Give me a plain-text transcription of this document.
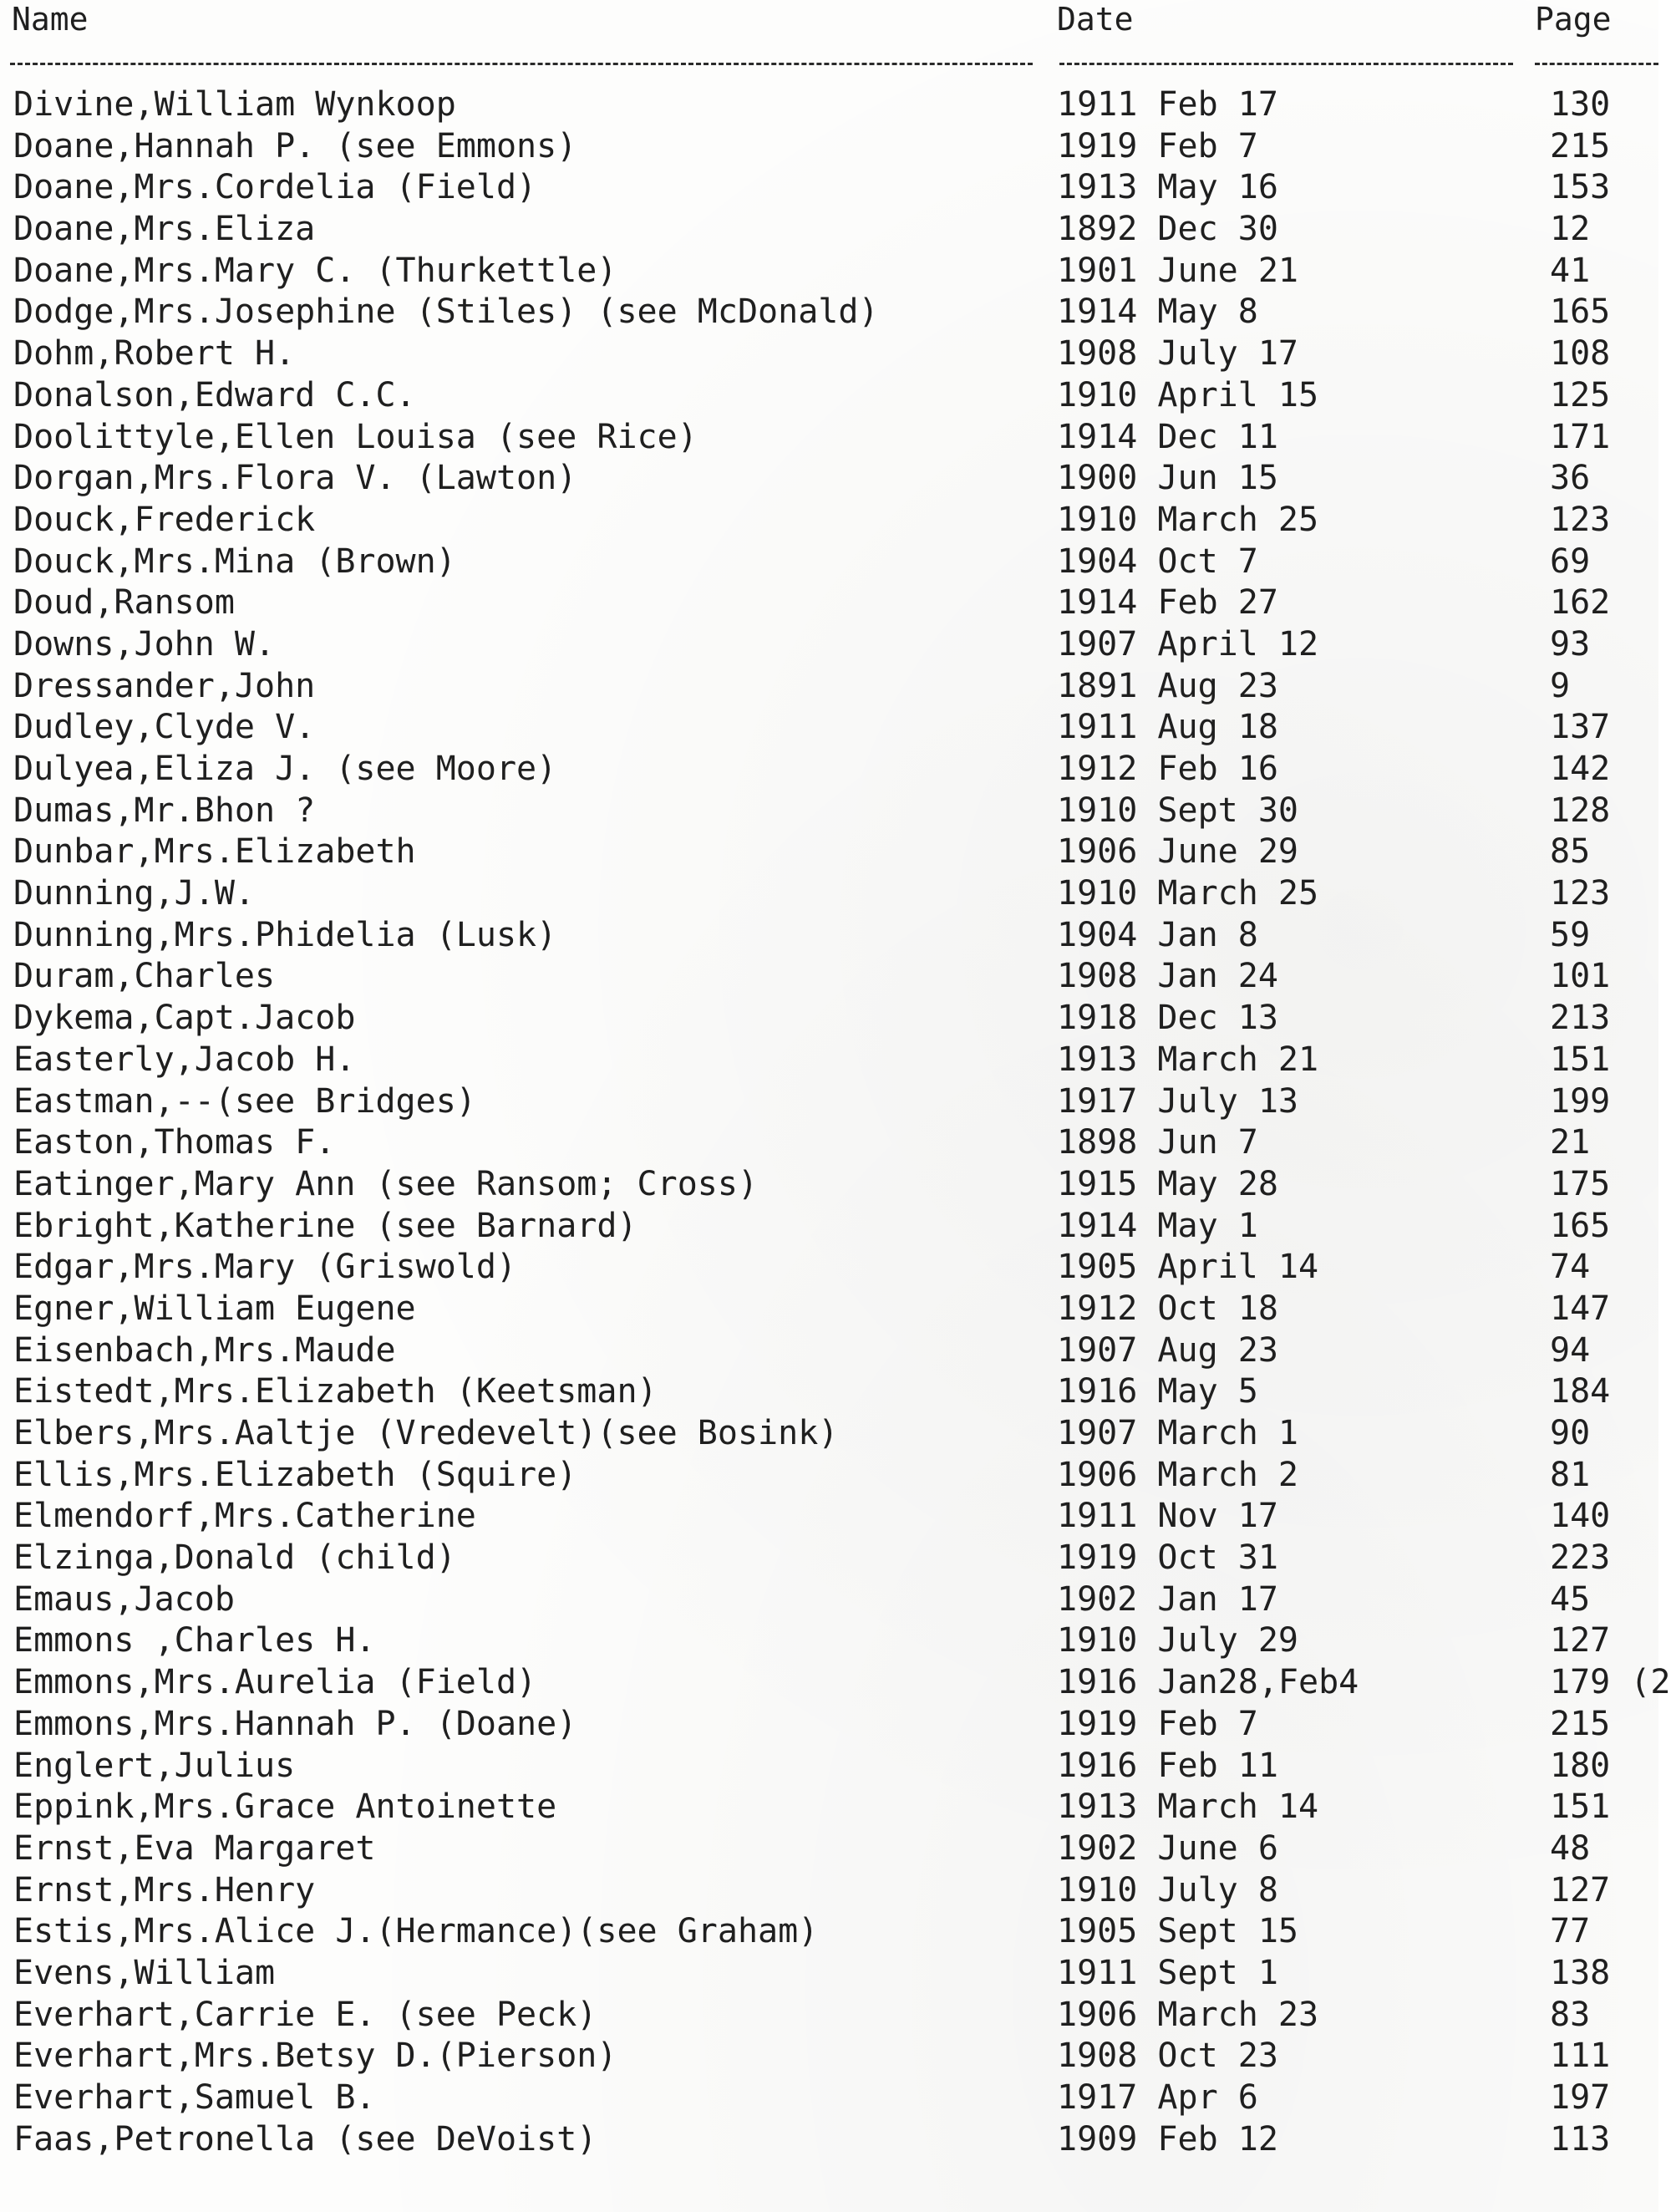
Name	Date	Page
Divine,William Wynkoop	1911 Feb 17	130
Doane,Hannah P. (see Emmons)	1919 Feb 7	215
Doane,Mrs.Cordelia (Field)	1913 May 16	153
Doane,Mrs.Eliza	1892 Dec 30	12
Doane,Mrs.Mary C. (Thurkettle)	1901 June 21	41
Dodge,Mrs.Josephine (Stiles) (see McDonald)	1914 May 8	165
Dohm,Robert H.	1908 July 17	108
Donalson,Edward C.C.	1910 April 15	125
Doolittyle,Ellen Louisa (see Rice)	1914 Dec 11	171
Dorgan,Mrs.Flora V. (Lawton)	1900 Jun 15	36
Douck,Frederick	1910 March 25	123
Douck,Mrs.Mina (Brown)	1904 Oct 7	69
Doud,Ransom	1914 Feb 27	162
Downs,John W.	1907 April 12	93
Dressander,John	1891 Aug 23	9
Dudley,Clyde V.	1911 Aug 18	137
Dulyea,Eliza J. (see Moore)	1912 Feb 16	142
Dumas,Mr.Bhon ?	1910 Sept 30	128
Dunbar,Mrs.Elizabeth	1906 June 29	85
Dunning,J.W.	1910 March 25	123
Dunning,Mrs.Phidelia (Lusk)	1904 Jan 8	59
Duram,Charles	1908 Jan 24	101
Dykema,Capt.Jacob	1918 Dec 13	213
Easterly,Jacob H.	1913 March 21	151
Eastman,--(see Bridges)	1917 July 13	199
Easton,Thomas F.	1898 Jun 7	21
Eatinger,Mary Ann (see Ransom; Cross)	1915 May 28	175
Ebright,Katherine (see Barnard)	1914 May 1	165
Edgar,Mrs.Mary (Griswold)	1905 April 14	74
Egner,William Eugene	1912 Oct 18	147
Eisenbach,Mrs.Maude	1907 Aug 23	94
Eistedt,Mrs.Elizabeth (Keetsman)	1916 May 5	184
Elbers,Mrs.Aaltje (Vredevelt)(see Bosink)	1907 March 1	90
Ellis,Mrs.Elizabeth (Squire)	1906 March 2	81
Elmendorf,Mrs.Catherine	1911 Nov 17	140
Elzinga,Donald (child)	1919 Oct 31	223
Emaus,Jacob	1902 Jan 17	45
Emmons ,Charles H.	1910 July 29	127
Emmons,Mrs.Aurelia (Field)	1916 Jan28,Feb4	179 (2
Emmons,Mrs.Hannah P. (Doane)	1919 Feb 7	215
Englert,Julius	1916 Feb 11	180
Eppink,Mrs.Grace Antoinette	1913 March 14	151
Ernst,Eva Margaret	1902 June 6	48
Ernst,Mrs.Henry	1910 July 8	127
Estis,Mrs.Alice J.(Hermance)(see Graham)	1905 Sept 15	77
Evens,William	1911 Sept 1	138
Everhart,Carrie E. (see Peck)	1906 March 23	83
Everhart,Mrs.Betsy D.(Pierson)	1908 Oct 23	111
Everhart,Samuel B.	1917 Apr 6	197
Faas,Petronella (see DeVoist)	1909 Feb 12	113
